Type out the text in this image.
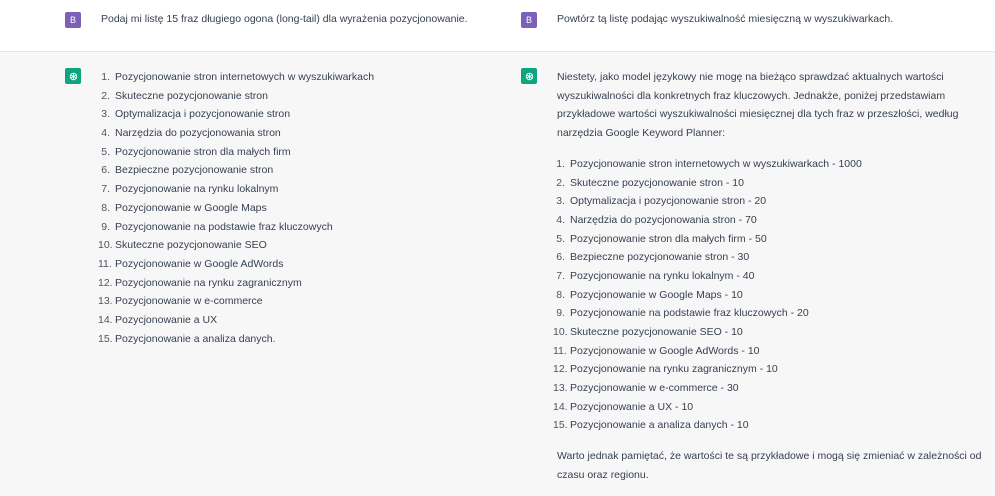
B	Podaj mi listę 15 fraz długiego ogona (long-tail) dla wyrażenia pozycjonowanie.
1. Pozycjonowanie stron internetowych w wyszukiwarkach
2. Skuteczne pozycjonowanie stron
3. Optymalizacja i pozycjonowanie stron
4. Narzędzia do pozycjonowania stron
5. Pozycjonowanie stron dla małych firm
6. Bezpieczne pozycjonowanie stron
7. Pozycjonowanie na rynku lokalnym
8. Pozycjonowanie w Google Maps
9. Pozycjonowanie na podstawie fraz kluczowych
10. Skuteczne pozycjonowanie SEO
11. Pozycjonowanie w Google AdWords
12. Pozycjonowanie na rynku zagranicznym
13. Pozycjonowanie w e-commerce
14. Pozycjonowanie a UX
15. Pozycjonowanie a analiza danych.
B	Powtórz tą listę podając wyszukiwalność miesięczną w wyszukiwarkach.
Niestety, jako model językowy nie mogę na bieżąco sprawdzać aktualnych wartości
wyszukiwalności dla konkretnych fraz kluczowych. Jednakże, poniżej przedstawiam
przykładowe wartości wyszukiwalności miesięcznej dla tych fraz w przeszłości, według
narzędzia Google Keyword Planner:
1. Pozycjonowanie stron internetowych w wyszukiwarkach - 1000
2. Skuteczne pozycjonowanie stron - 10
3. Optymalizacja i pozycjonowanie stron - 20
4. Narzędzia do pozycjonowania stron - 70
5. Pozycjonowanie stron dla małych firm - 50
6. Bezpieczne pozycjonowanie stron - 30
7. Pozycjonowanie na rynku lokalnym - 40
8. Pozycjonowanie w Google Maps - 10
9. Pozycjonowanie na podstawie fraz kluczowych - 20
10. Skuteczne pozycjonowanie SEO - 10
11. Pozycjonowanie w Google AdWords - 10
12. Pozycjonowanie na rynku zagranicznym - 10
13. Pozycjonowanie w e-commerce - 30
14. Pozycjonowanie a UX - 10
15. Pozycjonowanie a analiza danych - 10
Warto jednak pamiętać, że wartości te są przykładowe i mogą się zmieniać w zależności od
czasu oraz regionu.
